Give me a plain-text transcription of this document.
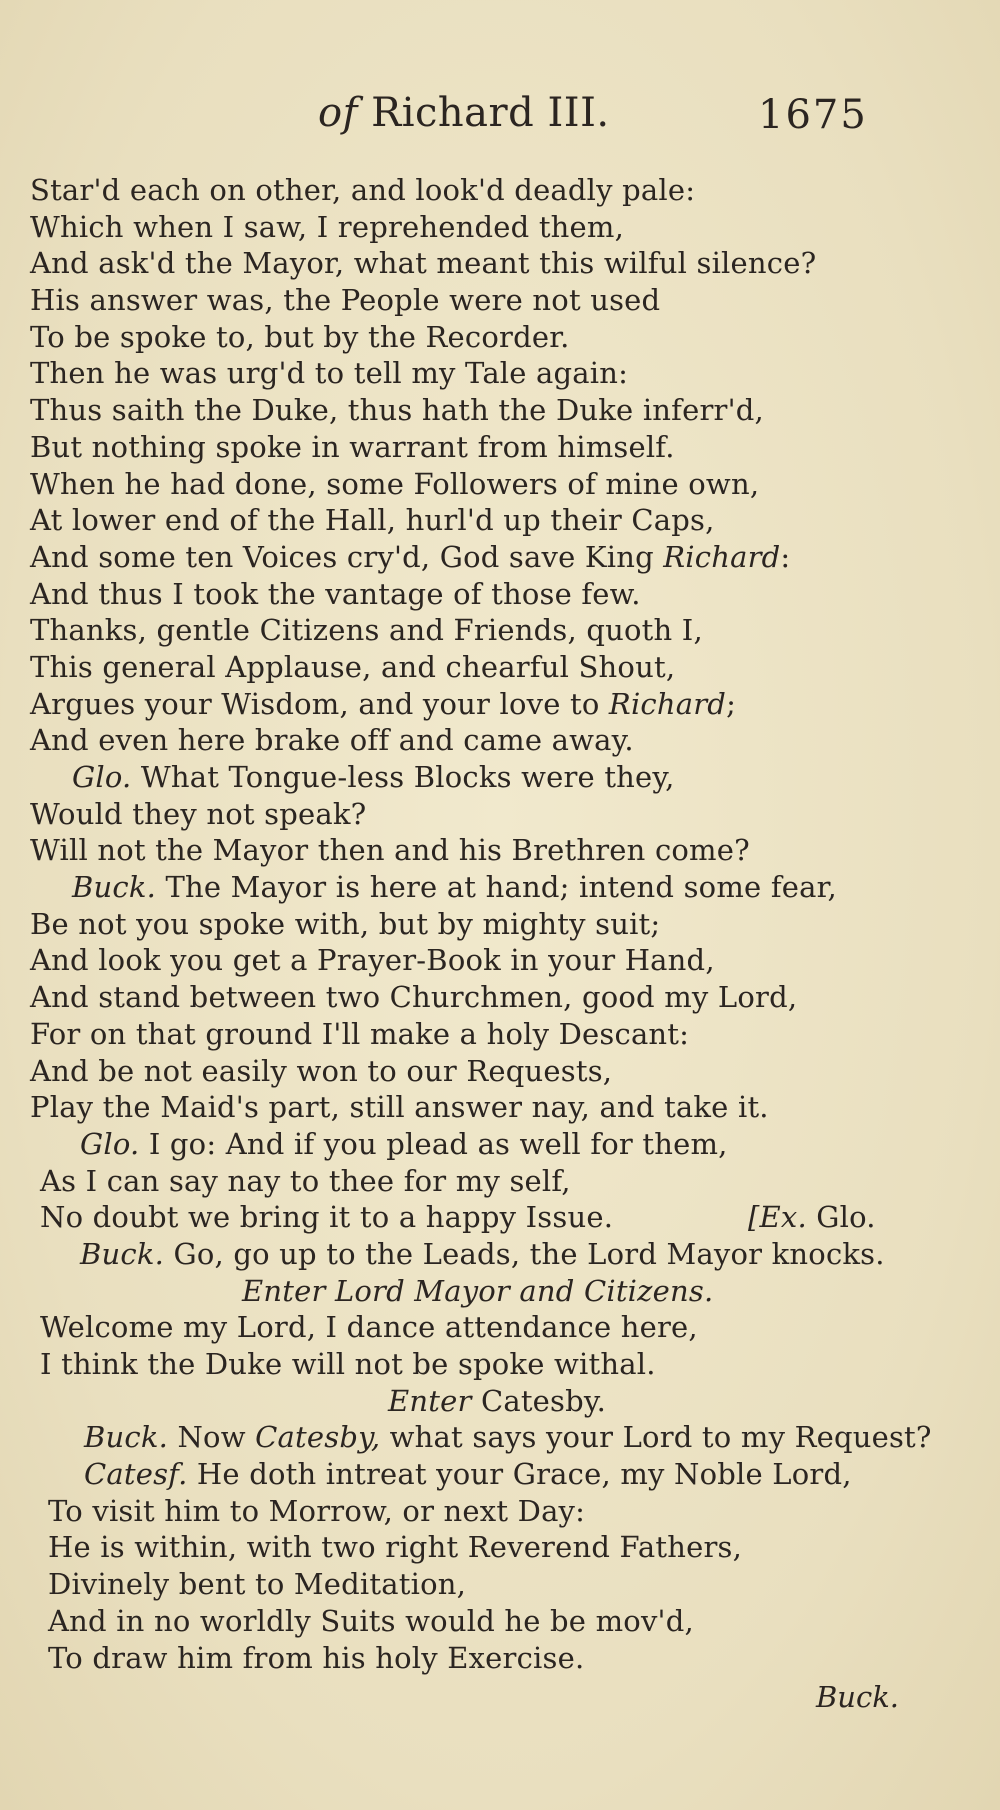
of Richard III.	1675
Star'd each on other, and look'd deadly pale:
Which when I saw, I reprehended them,
And ask'd the Mayor, what meant this wilful silence?
His answer was, the People were not used
To be spoke to, but by the Recorder.
Then he was urg'd to tell my Tale again:
Thus saith the Duke, thus hath the Duke inferr'd,
But nothing spoke in warrant from himself.
When he had done, some Followers of mine own,
At lower end of the Hall, hurl'd up their Caps,
And some ten Voices cry'd, God save King Richard:
And thus I took the vantage of those few.
Thanks, gentle Citizens and Friends, quoth I,
This general Applause, and chearful Shout,
Argues your Wisdom, and your love to Richard;
And even here brake off and came away.
Glo. What Tongue-less Blocks were they,
Would they not speak?
Will not the Mayor then and his Brethren come?
Buck. The Mayor is here at hand; intend some fear,
Be not you spoke with, but by mighty suit;
And look you get a Prayer-Book in your Hand,
And stand between two Churchmen, good my Lord,
For on that ground I'll make a holy Descant:
And be not easily won to our Requests,
Play the Maid's part, still answer nay, and take it.
Glo. I go: And if you plead as well for them,
As I can say nay to thee for my self,
No doubt we bring it to a happy Issue.	[Ex. Glo.
Buck. Go, go up to the Leads, the Lord Mayor knocks.
Enter Lord Mayor and Citizens.
Welcome my Lord, I dance attendance here,
I think the Duke will not be spoke withal.
Enter Catesby.
Buck. Now Catesby, what says your Lord to my Request?
Catesf. He doth intreat your Grace, my Noble Lord,
To visit him to Morrow, or next Day:
He is within, with two right Reverend Fathers,
Divinely bent to Meditation,
And in no worldly Suits would he be mov'd,
To draw him from his holy Exercise.
Buck.
